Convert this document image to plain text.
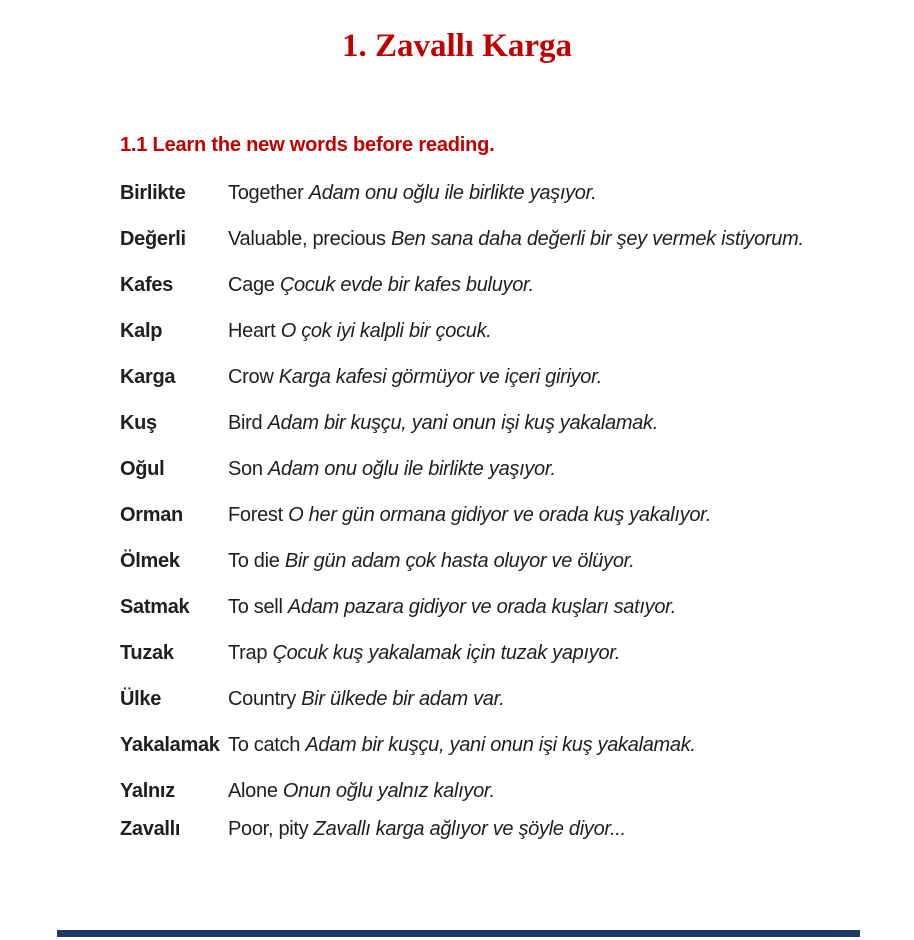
1. Zavallı Karga
1.1 Learn the new words before reading.
Birlikte	Together Adam onu oğlu ile birlikte yaşıyor.
Değerli	Valuable, precious Ben sana daha değerli bir şey vermek istiyorum.
Kafes	Cage Çocuk evde bir kafes buluyor.
Kalp	Heart O çok iyi kalpli bir çocuk.
Karga	Crow Karga kafesi görmüyor ve içeri giriyor.
Kuş	Bird Adam bir kuşçu, yani onun işi kuş yakalamak.
Oğul	Son Adam onu oğlu ile birlikte yaşıyor.
Orman	Forest O her gün ormana gidiyor ve orada kuş yakalıyor.
Ölmek	To die Bir gün adam çok hasta oluyor ve ölüyor.
Satmak	To sell Adam pazara gidiyor ve orada kuşları satıyor.
Tuzak	Trap Çocuk kuş yakalamak için tuzak yapıyor.
Ülke	Country Bir ülkede bir adam var.
Yakalamak To catch Adam bir kuşçu, yani onun işi kuş yakalamak.
Yalnız	Alone Onun oğlu yalnız kalıyor.
Zavallı	Poor, pity Zavallı karga ağlıyor ve şöyle diyor...
